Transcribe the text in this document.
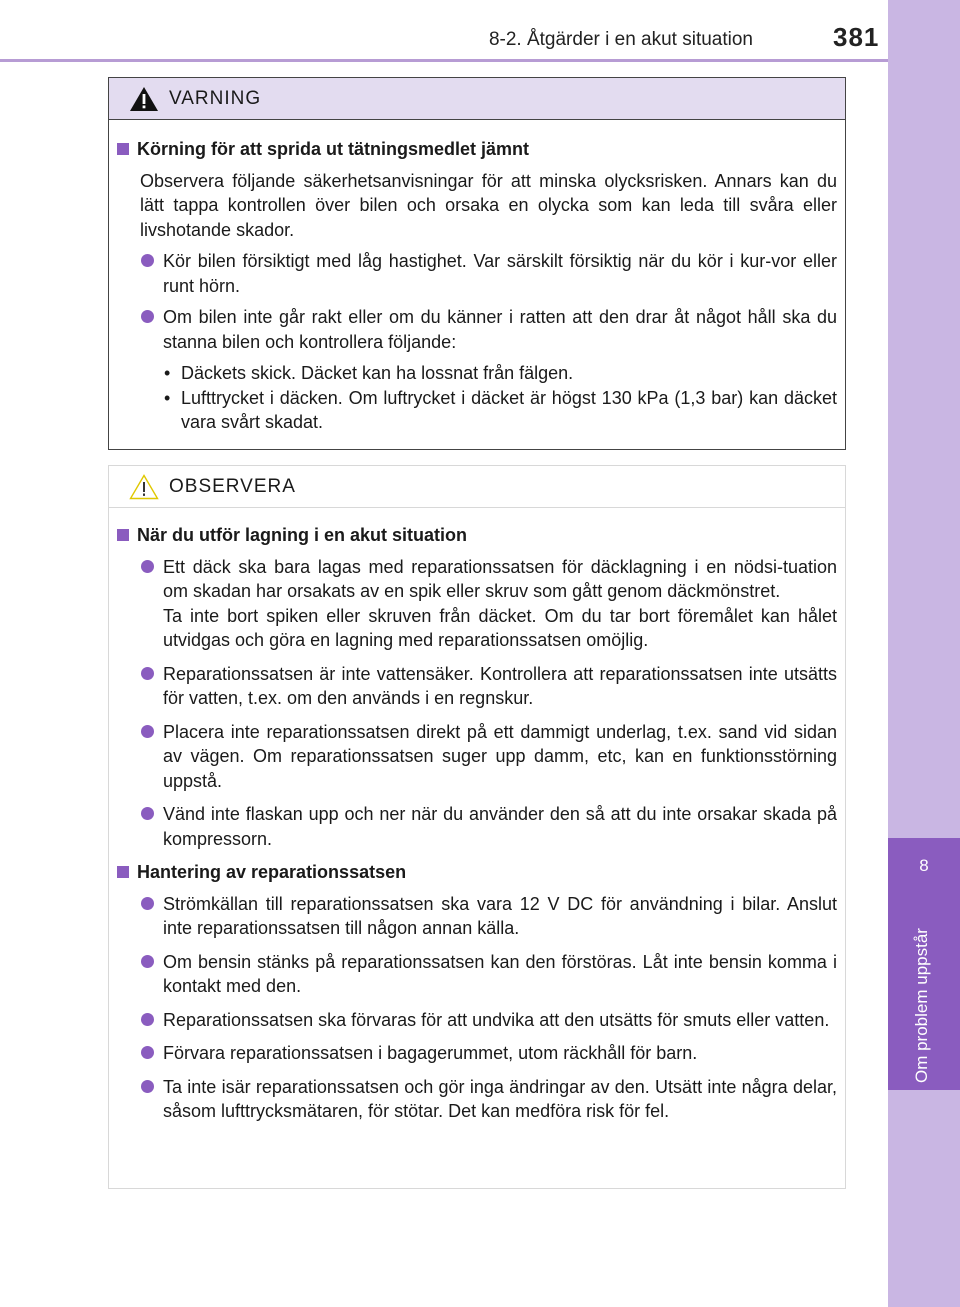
8-2. Åtgärder i en akut situation	381
8
Om problem uppstår
VARNING
Körning för att sprida ut tätningsmedlet jämnt
Observera följande säkerhetsanvisningar för att minska olycksrisken. Annars kan du lätt tappa kontrollen över bilen och orsaka en olycka som kan leda till svåra eller livshotande skador.
Kör bilen försiktigt med låg hastighet. Var särskilt försiktig när du kör i kur-vor eller runt hörn.
Om bilen inte går rakt eller om du känner i ratten att den drar åt något håll ska du stanna bilen och kontrollera följande:
• Däckets skick. Däcket kan ha lossnat från fälgen.
• Lufttrycket i däcken. Om luftrycket i däcket är högst 130 kPa (1,3 bar) kan däcket vara svårt skadat.
OBSERVERA
När du utför lagning i en akut situation
Ett däck ska bara lagas med reparationssatsen för däcklagning i en nödsi-tuation om skadan har orsakats av en spik eller skruv som gått genom däckmönstret.
Ta inte bort spiken eller skruven från däcket. Om du tar bort föremålet kan hålet utvidgas och göra en lagning med reparationssatsen omöjlig.
Reparationssatsen är inte vattensäker. Kontrollera att reparationssatsen inte utsätts för vatten, t.ex. om den används i en regnskur.
Placera inte reparationssatsen direkt på ett dammigt underlag, t.ex. sand vid sidan av vägen. Om reparationssatsen suger upp damm, etc, kan en funktionsstörning uppstå.
Vänd inte flaskan upp och ner när du använder den så att du inte orsakar skada på kompressorn.
Hantering av reparationssatsen
Strömkällan till reparationssatsen ska vara 12 V DC för användning i bilar. Anslut inte reparationssatsen till någon annan källa.
Om bensin stänks på reparationssatsen kan den förstöras. Låt inte bensin komma i kontakt med den.
Reparationssatsen ska förvaras för att undvika att den utsätts för smuts eller vatten.
Förvara reparationssatsen i bagagerummet, utom räckhåll för barn.
Ta inte isär reparationssatsen och gör inga ändringar av den. Utsätt inte några delar, såsom lufttrycksmätaren, för stötar. Det kan medföra risk för fel.
